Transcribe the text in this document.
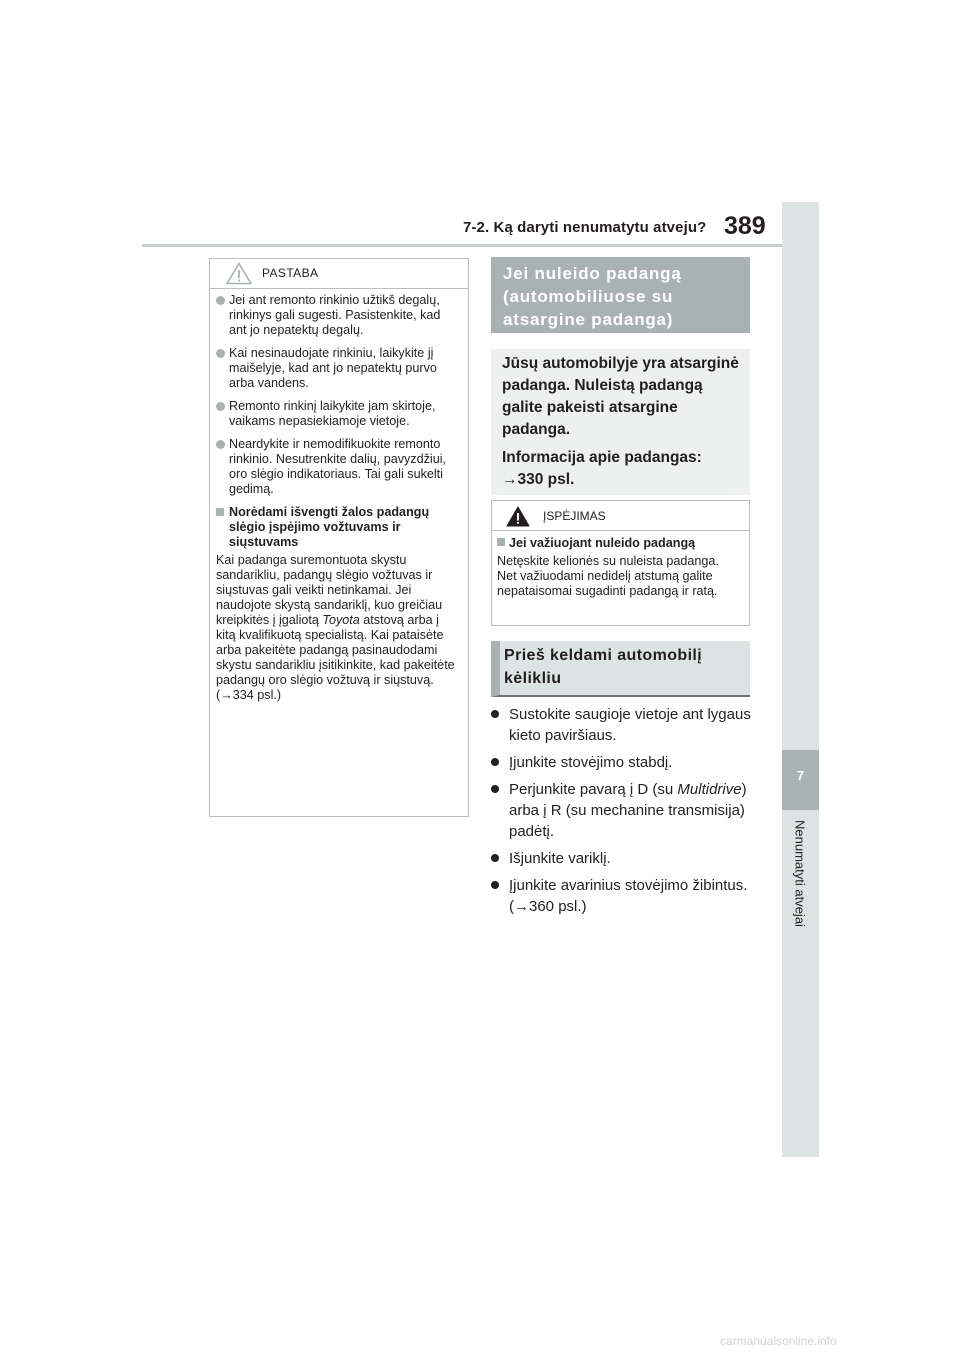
7-2. Ką daryti nenumatytu atveju? 389
7
Nenumatyti atvejai
PASTABA
Jei ant remonto rinkinio užtikš degalų, rinkinys gali sugesti. Pasistenkite, kad ant jo nepatektų degalų.
Kai nesinaudojate rinkiniu, laikykite jį maišelyje, kad ant jo nepatektų purvo arba vandens.
Remonto rinkinį laikykite jam skirtoje, vaikams nepasiekiamoje vietoje.
Neardykite ir nemodifikuokite remonto rinkinio. Nesutrenkite dalių, pavyzdžiui, oro slėgio indikatoriaus. Tai gali sukelti gedimą.
Norėdami išvengti žalos padangų slėgio įspėjimo vožtuvams ir siųstuvams
Kai padanga suremontuota skystu sandarikliu, padangų slėgio vožtuvas ir siųstuvas gali veikti netinkamai. Jei naudojote skystą sandariklį, kuo greičiau kreipkitės į įgaliotą Toyota atstovą arba į kitą kvalifikuotą specialistą. Kai pataisėte arba pakeitėte padangą pasinaudodami skystu sandarikliu įsitikinkite, kad pakeitėte padangų oro slėgio vožtuvą ir siųstuvą. (→334 psl.)
Jei nuleido padangą (automobiliuose su atsargine padanga)
Jūsų automobilyje yra atsarginė padanga. Nuleistą padangą galite pakeisti atsargine padanga.
Informacija apie padangas: →330 psl.
ĮSPĖJIMAS
Jei važiuojant nuleido padangą
Netęskite kelionės su nuleista padanga. Net važiuodami nedidelį atstumą galite nepataisomai sugadinti padangą ir ratą.
Prieš keldami automobilį kėlikliu
Sustokite saugioje vietoje ant lygaus kieto paviršiaus.
Įjunkite stovėjimo stabdį.
Perjunkite pavarą į D (su Multidrive) arba į R (su mechanine transmisija) padėtį.
Išjunkite variklį.
Įjunkite avarinius stovėjimo žibintus. (→360 psl.)
carmanualsonline.info
